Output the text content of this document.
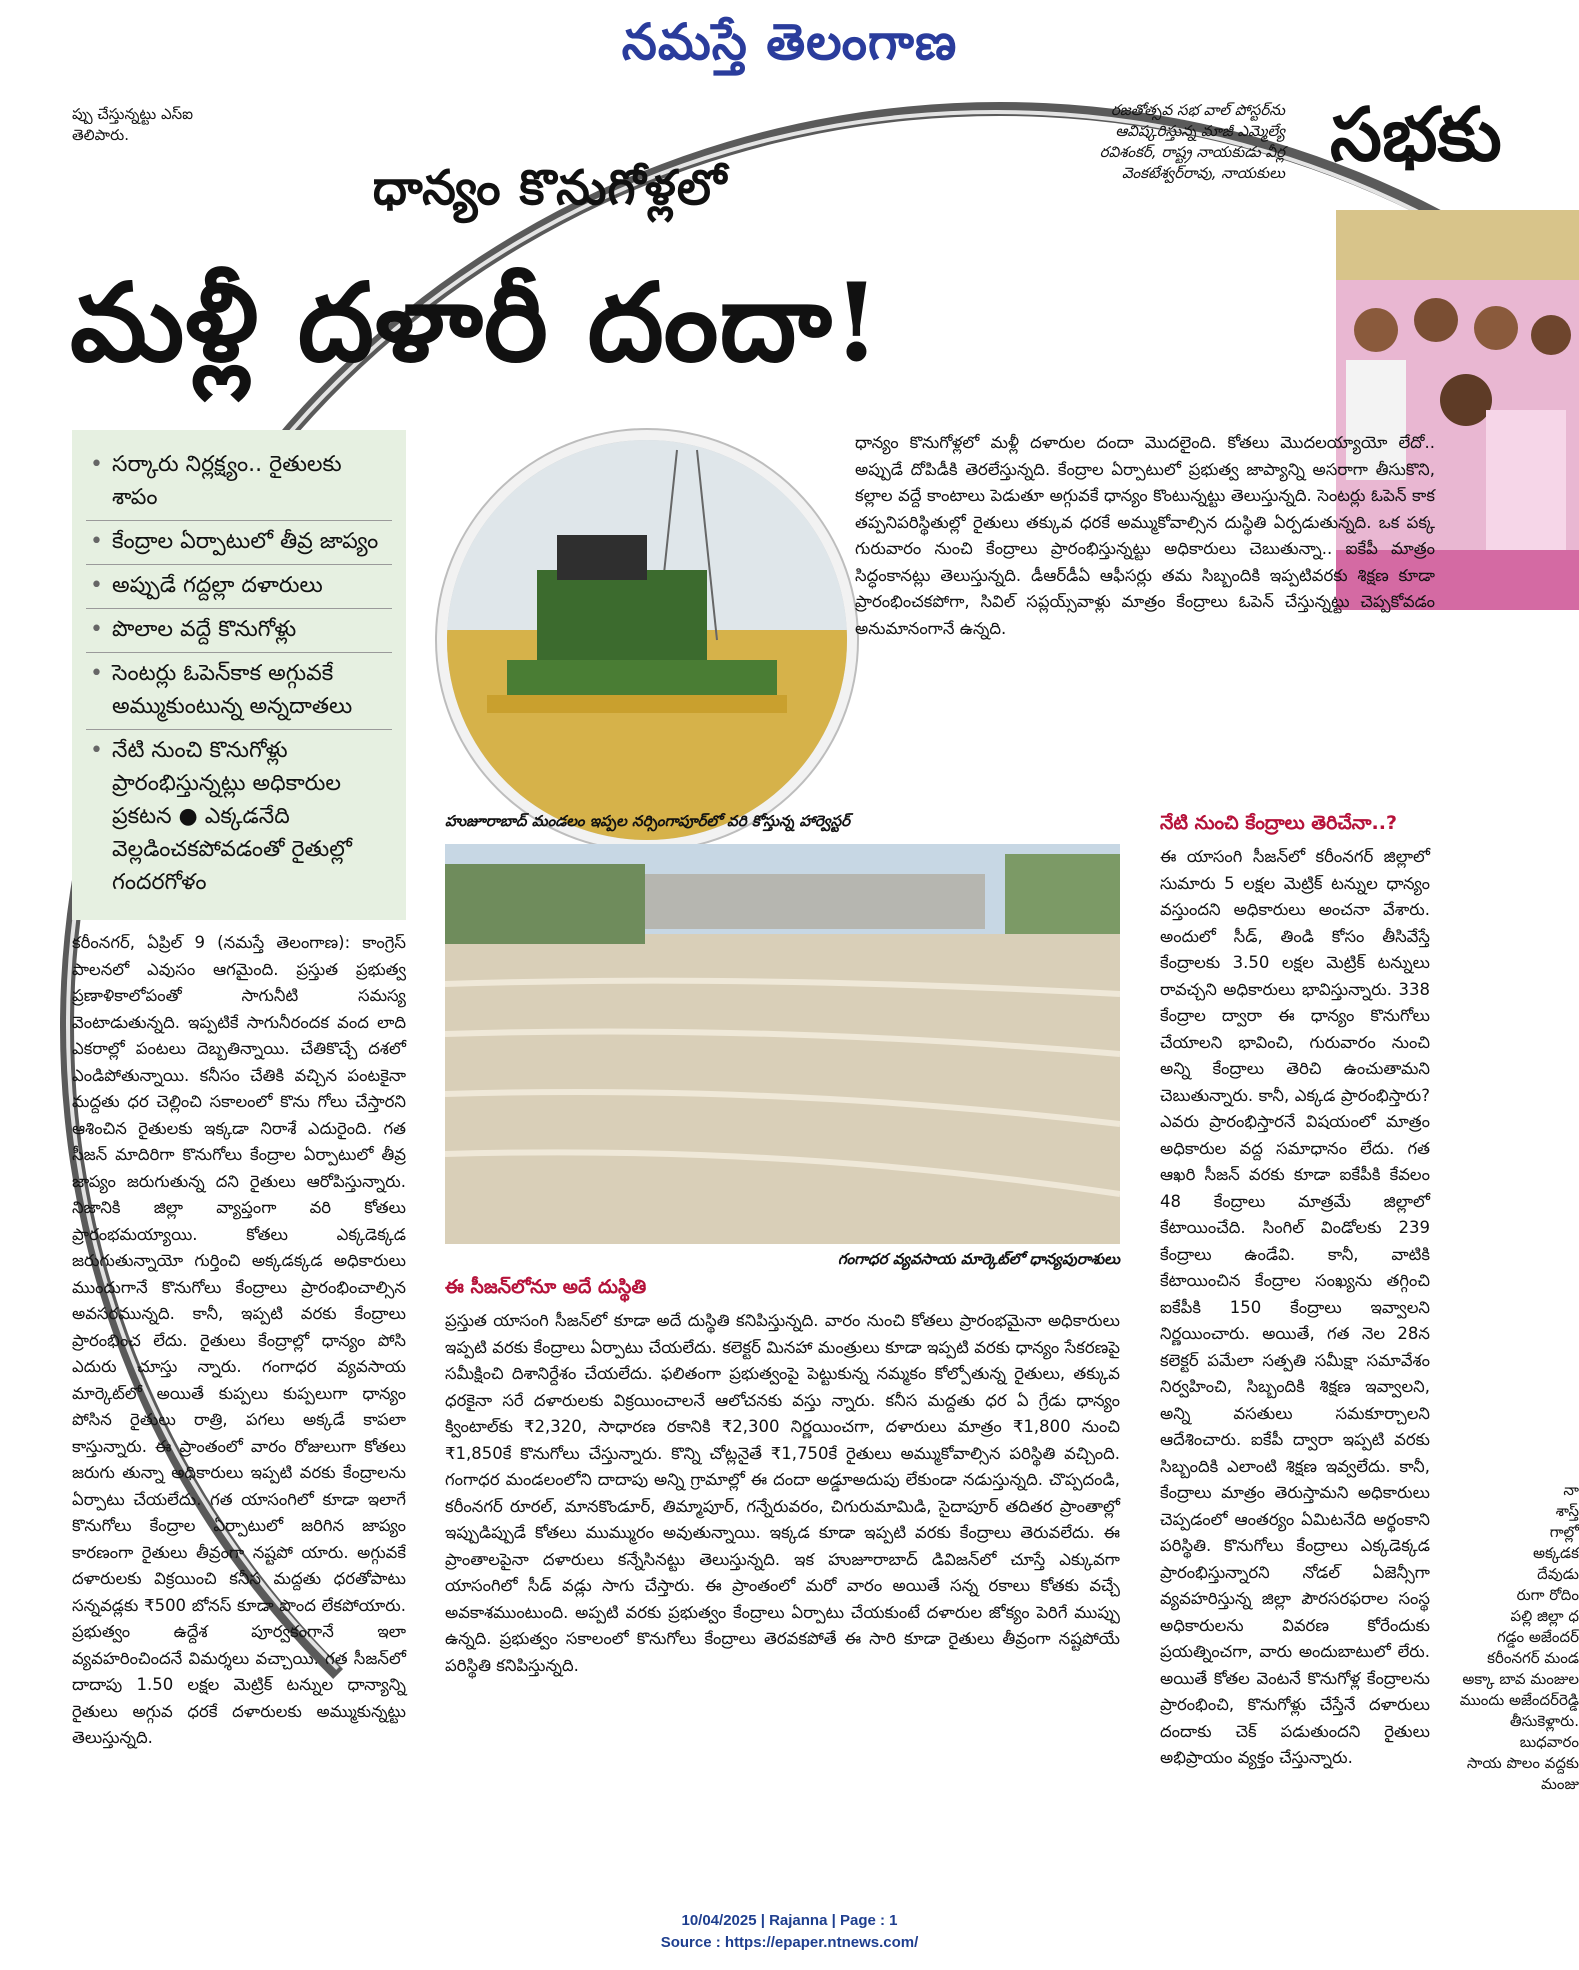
నమస్తే తెలంగాణ
ప్పు చేస్తున్నట్టు ఎస్ఐ తెలిపారు.
ధాన్యం కొనుగోళ్లలో
మళ్లీ దళారీ దందా!
రజతోత్సవ సభ వాల్ పోస్టర్‌ను ఆవిష్కరిస్తున్న మాజీ ఎమ్మెల్యే రవిశంకర్, రాష్ట్ర నాయకుడు వీర్ల వెంకటేశ్వర్‌రావు, నాయకులు సభకు
• సర్కారు నిర్లక్ష్యం.. రైతులకు శాపం
• కేంద్రాల ఏర్పాటులో తీవ్ర జాప్యం
• అప్పుడే గద్దల్లా దళారులు
• పొలాల వద్దే కొనుగోళ్లు
• సెంటర్లు ఓపెన్‌కాక అగ్గువకే అమ్ముకుంటున్న అన్నదాతలు
• నేటి నుంచి కొనుగోళ్లు ప్రారంభిస్తున్నట్లు అధికారుల ప్రకటన ● ఎక్కడనేది వెల్లడించకపోవడంతో రైతుల్లో గందరగోళం
ధాన్యం కొనుగోళ్లలో మళ్లీ దళారుల దందా మొదలైంది. కోతలు మొదలయ్యాయో లేదో.. అప్పుడే దోపిడీకి తెరలేస్తున్నది. కేంద్రాల ఏర్పాటులో ప్రభుత్వ జాప్యాన్ని అసరాగా తీసుకొని, కల్లాల వద్దే కాంటాలు పెడుతూ అగ్గువకే ధాన్యం కొంటున్నట్టు తెలుస్తున్నది. సెంటర్లు ఓపెన్ కాక తప్పనిపరిస్థితుల్లో రైతులు తక్కువ ధరకే అమ్ముకోవాల్సిన దుస్థితి ఏర్పడుతున్నది. ఒక పక్క గురువారం నుంచి కేంద్రాలు ప్రారంభిస్తున్నట్టు అధికారులు చెబుతున్నా.. ఐకేపీ మాత్రం సిద్ధంకానట్లు తెలుస్తున్నది. డీఆర్‌డీఏ ఆఫీసర్లు తమ సిబ్బందికి ఇప్పటివరకు శిక్షణ కూడా ప్రారంభించకపోగా, సివిల్ సప్లయ్స్‌వాళ్లు మాత్రం కేంద్రాలు ఓపెన్ చేస్తున్నట్టు చెప్పకోవడం అనుమానంగానే ఉన్నది.
హుజూరాబాద్ మండలం ఇప్పల నర్సింగాపూర్‌లో వరి కోస్తున్న హార్వెస్టర్
గంగాధర వ్యవసాయ మార్కెట్‌లో ధాన్యపురాశులు
కరీంనగర్, ఏప్రిల్ 9 (నమస్తే తెలంగాణ): కాంగ్రెస్ పాలనలో ఎవుసం ఆగమైంది. ప్రస్తుత ప్రభుత్వ ప్రణాళికాలోపంతో సాగునీటి సమస్య వెంటాడుతున్నది. ఇప్పటికే సాగునీరందక వంద లాది ఎకరాల్లో పంటలు దెబ్బతిన్నాయి. చేతికొచ్చే దశలో ఎండిపోతున్నాయి. కనీసం చేతికి వచ్చిన పంటకైనా మద్దతు ధర చెల్లించి సకాలంలో కొను గోలు చేస్తారని ఆశించిన రైతులకు ఇక్కడా నిరాశే ఎదురైంది. గత సీజన్ మాదిరిగా కొనుగోలు కేంద్రాల ఏర్పాటులో తీవ్ర జాప్యం జరుగుతున్న దని రైతులు ఆరోపిస్తున్నారు. నిజానికి జిల్లా వ్యాప్తంగా వరి కోతలు ప్రారంభమయ్యాయి. కోతలు ఎక్కడెక్కడ జరుగుతున్నాయో గుర్తించి అక్కడక్కడ అధికారులు ముందుగానే కొనుగోలు కేంద్రాలు ప్రారంభించాల్సిన అవసరమున్నది. కానీ, ఇప్పటి వరకు కేంద్రాలు ప్రారంభించ లేదు. రైతులు కేంద్రాల్లో ధాన్యం పోసి ఎదురు చూస్తు న్నారు. గంగాధర వ్యవసాయ మార్కెట్‌లో అయితే కుప్పలు కుప్పలుగా ధాన్యం పోసిన రైతులు రాత్రి, పగలు అక్కడే కాపలా కాస్తున్నారు. ఈ ప్రాంతంలో వారం రోజులుగా కోతలు జరుగు తున్నా అధికారులు ఇప్పటి వరకు కేంద్రాలను ఏర్పాటు చేయలేదు. గత యాసంగిలో కూడా ఇలాగే కొనుగోలు కేంద్రాల ఏర్పాటులో జరిగిన జాప్యం కారణంగా రైతులు తీవ్రంగా నష్టపో యారు. అగ్గువకే దళారులకు విక్రయించి కనీస మద్దతు ధరతోపాటు సన్నవడ్లకు ₹500 బోనస్ కూడా పొంద లేకపోయారు. ప్రభుత్వం ఉద్దేశ పూర్వకంగానే ఇలా వ్యవహరించిందనే విమర్శలు వచ్చాయి. గత సీజన్‌లో దాదాపు 1.50 లక్షల మెట్రిక్ టన్నుల ధాన్యాన్ని రైతులు అగ్గువ ధరకే దళారులకు అమ్ముకున్నట్టు తెలుస్తున్నది.
ఈ సీజన్‌లోనూ అదే దుస్థితి
ప్రస్తుత యాసంగి సీజన్‌లో కూడా అదే దుస్థితి కనిపిస్తున్నది. వారం నుంచి కోతలు ప్రారంభమైనా అధికారులు ఇప్పటి వరకు కేంద్రాలు ఏర్పాటు చేయలేదు. కలెక్టర్ మినహా మంత్రులు కూడా ఇప్పటి వరకు ధాన్యం సేకరణపై సమీక్షించి దిశానిర్దేశం చేయలేదు. ఫలితంగా ప్రభుత్వంపై పెట్టుకున్న నమ్మకం కోల్పోతున్న రైతులు, తక్కువ ధరకైనా సరే దళారులకు విక్రయించాలనే ఆలోచనకు వస్తు న్నారు. కనీస మద్దతు ధర ఏ గ్రేడు ధాన్యం క్వింటాల్‌కు ₹2,320, సాధారణ రకానికి ₹2,300 నిర్ణయించగా, దళారులు మాత్రం ₹1,800 నుంచి ₹1,850కే కొనుగోలు చేస్తున్నారు. కొన్ని చోట్లనైతే ₹1,750కే రైతులు అమ్ముకోవాల్సిన పరిస్థితి వచ్చింది. గంగాధర మండలంలోని దాదాపు అన్ని గ్రామాల్లో ఈ దందా అడ్డూఅదుపు లేకుండా నడుస్తున్నది. చొప్పదండి, కరీంనగర్ రూరల్, మానకొండూర్, తిమ్మాపూర్, గన్నేరువరం, చిగురుమామిడి, సైదాపూర్ తదితర ప్రాంతాల్లో ఇప్పుడిప్పుడే కోతలు ముమ్మురం అవుతున్నాయి. ఇక్కడ కూడా ఇప్పటి వరకు కేంద్రాలు తెరువలేదు. ఈ ప్రాంతాలపైనా దళారులు కన్నేసినట్టు తెలుస్తున్నది. ఇక హుజూరాబాద్ డివిజన్‌లో చూస్తే ఎక్కువగా యాసంగిలో సీడ్ వడ్లు సాగు చేస్తారు. ఈ ప్రాంతంలో మరో వారం అయితే సన్న రకాలు కోతకు వచ్చే అవకాశముంటుంది. అప్పటి వరకు ప్రభుత్వం కేంద్రాలు ఏర్పాటు చేయకుంటే దళారుల జోక్యం పెరిగే ముప్పు ఉన్నది. ప్రభుత్వం సకాలంలో కొనుగోలు కేంద్రాలు తెరవకపోతే ఈ సారి కూడా రైతులు తీవ్రంగా నష్టపోయే పరిస్థితి కనిపిస్తున్నది.
నేటి నుంచి కేంద్రాలు తెరిచేనా..?
ఈ యాసంగి సీజన్‌లో కరీంనగర్ జిల్లాలో సుమారు 5 లక్షల మెట్రిక్ టన్నుల ధాన్యం వస్తుందని అధికారులు అంచనా వేశారు. అందులో సీడ్, తిండి కోసం తీసివేస్తే కేంద్రాలకు 3.50 లక్షల మెట్రిక్ టన్నులు రావచ్చని అధికారులు భావిస్తున్నారు. 338 కేంద్రాల ద్వారా ఈ ధాన్యం కొనుగోలు చేయాలని భావించి, గురువారం నుంచి అన్ని కేంద్రాలు తెరిచి ఉంచుతామని చెబుతున్నారు. కానీ, ఎక్కడ ప్రారంభిస్తారు? ఎవరు ప్రారంభిస్తారనే విషయంలో మాత్రం అధికారుల వద్ద సమాధానం లేదు. గత ఆఖరి సీజన్ వరకు కూడా ఐకేపీకి కేవలం 48 కేంద్రాలు మాత్రమే జిల్లాలో కేటాయించేది. సింగిల్ విండోలకు 239 కేంద్రాలు ఉండేవి. కానీ, వాటికి కేటాయించిన కేంద్రాల సంఖ్యను తగ్గించి ఐకేపీకి 150 కేంద్రాలు ఇవ్వాలని నిర్ణయించారు. అయితే, గత నెల 28న కలెక్టర్ పమేలా సత్పతి సమీక్షా సమావేశం నిర్వహించి, సిబ్బందికి శిక్షణ ఇవ్వాలని, అన్ని వసతులు సమకూర్చాలని ఆదేశించారు. ఐకేపీ ద్వారా ఇప్పటి వరకు సిబ్బందికి ఎలాంటి శిక్షణ ఇవ్వలేదు. కానీ, కేంద్రాలు మాత్రం తెరుస్తామని అధికారులు చెప్పడంలో ఆంతర్యం ఏమిటనేది అర్థంకాని పరిస్థితి. కొనుగోలు కేంద్రాలు ఎక్కడెక్కడ ప్రారంభిస్తున్నారని నోడల్ ఏజెన్సీగా వ్యవహరిస్తున్న జిల్లా పౌరసరఫరాల సంస్థ అధికారులను వివరణ కోరేందుకు ప్రయత్నించగా, వారు అందుబాటులో లేరు. అయితే కోతల వెంటనే కొనుగోళ్ల కేంద్రాలను ప్రారంభించి, కొనుగోళ్లు చేస్తేనే దళారులు దందాకు చెక్ పడుతుందని రైతులు అభిప్రాయం వ్యక్తం చేస్తున్నారు.
నా
శాస్త్
గాల్లో
అక్కడక
దేవుడు
రుగా రోదిం
పల్లి జిల్లా ధ
గడ్డం అజేందర్
కరీంనగర్ మండ
అక్కా బావ మంజుల
ముందు అజేందర్‌రెడ్డి
తీసుకెళ్లారు. బుధవారం
సాయ పొలం వద్దకు మంజు
10/04/2025 | Rajanna | Page : 1
Source : https://epaper.ntnews.com/
